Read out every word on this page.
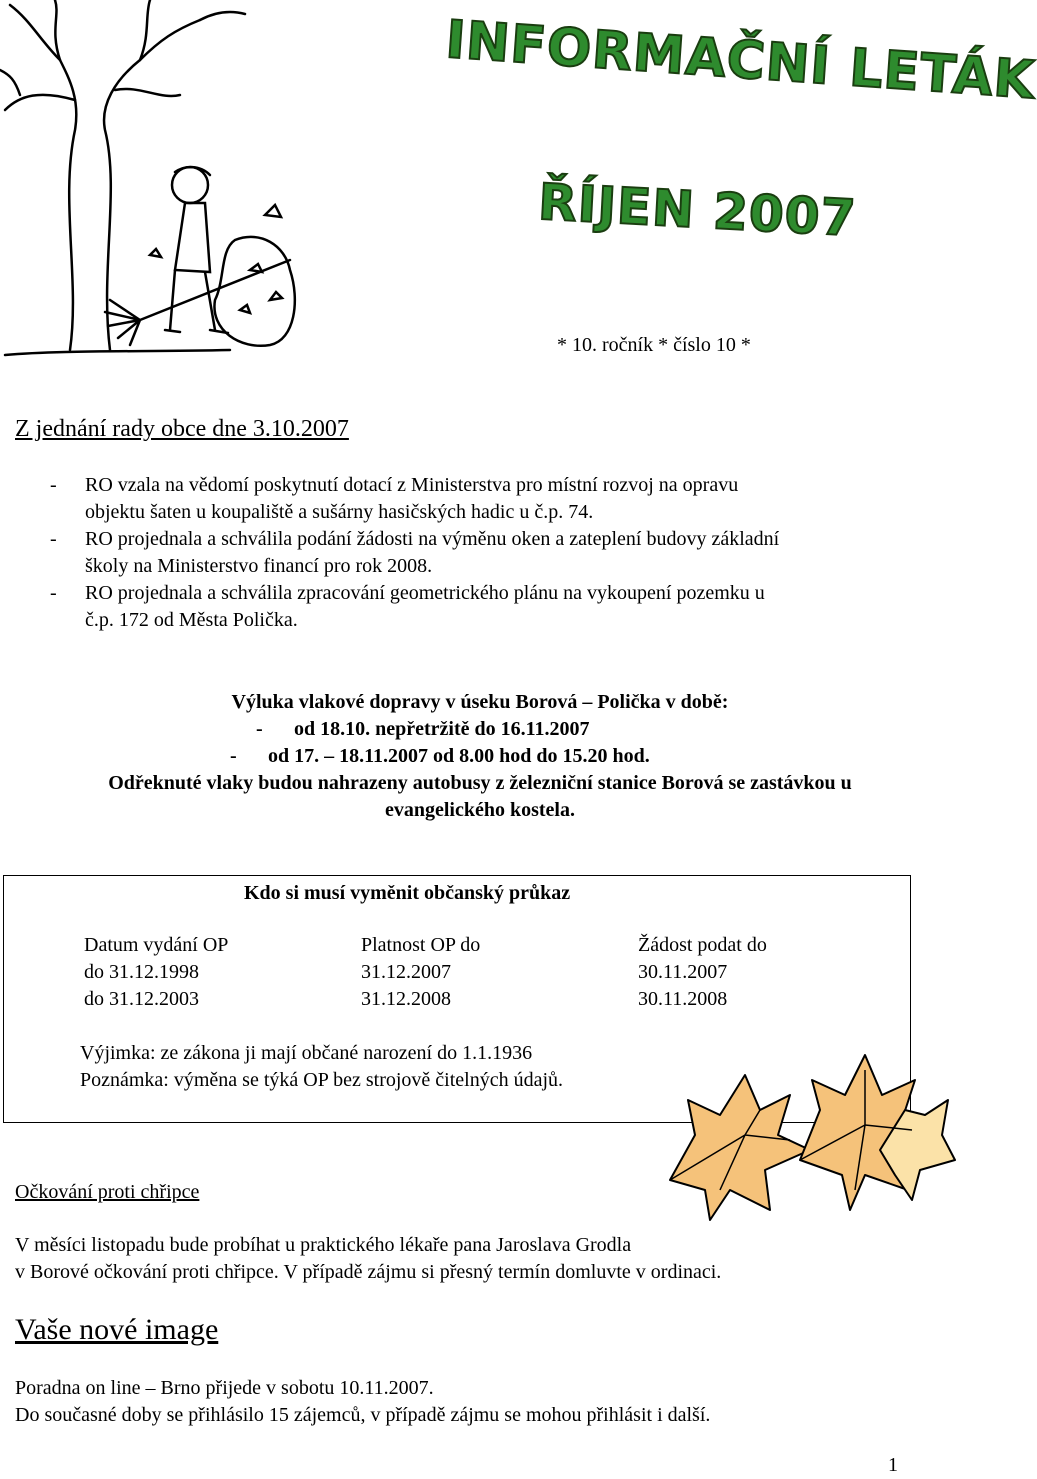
INFORMAČNÍ LETÁK
ŘÍJEN 2007
* 10. ročník * číslo 10 *
Z jednání rady obce dne 3.10.2007
- RO vzala na vědomí poskytnutí dotací z Ministerstva pro místní rozvoj na opravu
objektu šaten u koupaliště a sušárny hasičských hadic u č.p. 74.
- RO projednala a schválila podání žádosti na výměnu oken a zateplení budovy základní
školy na Ministerstvo financí pro rok 2008.
- RO projednala a schválila zpracování geometrického plánu na vykoupení pozemku u
č.p. 172 od Města Polička.
Výluka vlakové dopravy v úseku Borová – Polička v době:
- od 18.10. nepřetržitě do 16.11.2007
- od 17. – 18.11.2007 od 8.00 hod do 15.20 hod.
Odřeknuté vlaky budou nahrazeny autobusy z železniční stanice Borová se zastávkou u
evangelického kostela.
Kdo si musí vyměnit občanský průkaz
Datum vydání OP	Platnost OP do	Žádost podat do
do 31.12.1998	31.12.2007	30.11.2007
do 31.12.2003	31.12.2008	30.11.2008
Výjimka: ze zákona ji mají občané narození do 1.1.1936
Poznámka: výměna se týká OP bez strojově čitelných údajů.
Očkování proti chřipce
V měsíci listopadu bude probíhat u praktického lékaře pana Jaroslava Grodla
v Borové očkování proti chřipce. V případě zájmu si přesný termín domluvte v ordinaci.
Vaše nové image
Poradna on line – Brno přijede v sobotu 10.11.2007.
Do současné doby se přihlásilo 15 zájemců, v případě zájmu se mohou přihlásit i další.
1
